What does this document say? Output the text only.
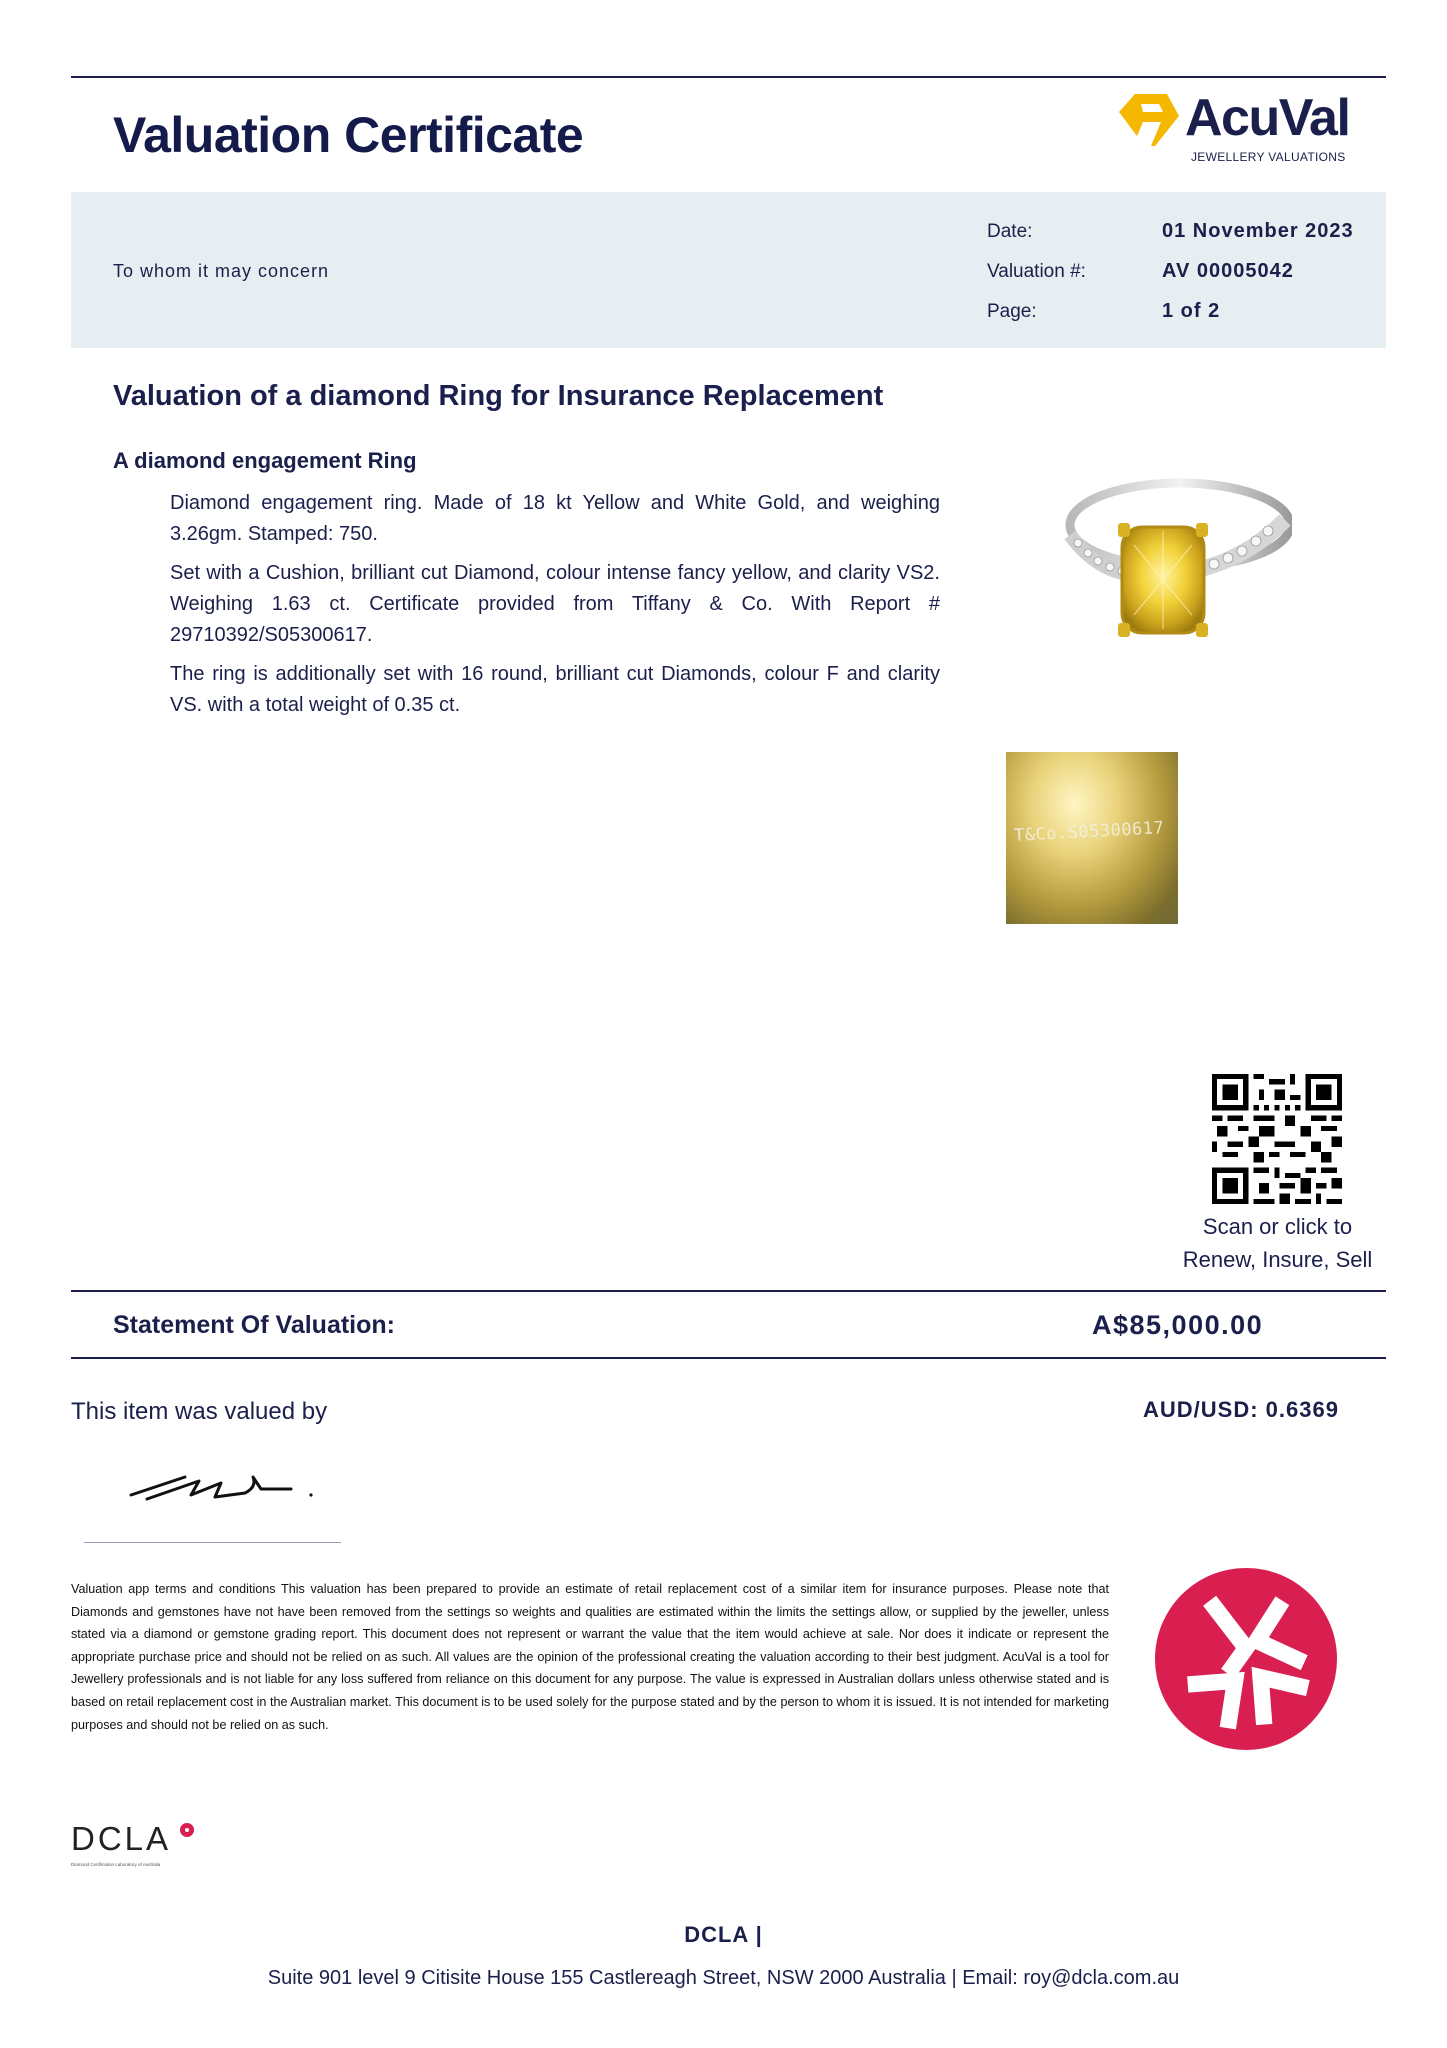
Valuation Certificate	AcuVal
JEWELLERY VALUATIONS
To whom it may concern
Date:	01 November 2023
Valuation #:	AV 00005042
Page:	1 of 2
Valuation of a diamond Ring for Insurance Replacement
A diamond engagement Ring
Diamond engagement ring. Made of 18 kt Yellow and White Gold, and weighing 3.26gm. Stamped: 750.
Set with a Cushion, brilliant cut Diamond, colour intense fancy yellow, and clarity VS2. Weighing 1.63 ct. Certificate provided from Tiffany & Co. With Report # 29710392/S05300617.
The ring is additionally set with 16 round, brilliant cut Diamonds, colour F and clarity VS. with a total weight of 0.35 ct.
T&Co.S05300617
Scan or click to
Renew, Insure, Sell
Statement Of Valuation:	A$85,000.00
This item was valued by	AUD/USD: 0.6369
Valuation app terms and conditions This valuation has been prepared to provide an estimate of retail replacement cost of a similar item for insurance purposes. Please note that Diamonds and gemstones have not have been removed from the settings so weights and qualities are estimated within the limits the settings allow, or supplied by the jeweller, unless stated via a diamond or gemstone grading report. This document does not represent or warrant the value that the item would achieve at sale. Nor does it indicate or represent the appropriate purchase price and should not be relied on as such. All values are the opinion of the professional creating the valuation according to their best judgment. AcuVal is a tool for Jewellery professionals and is not liable for any loss suffered from reliance on this document for any purpose. The value is expressed in Australian dollars unless otherwise stated and is based on retail replacement cost in the Australian market. This document is to be used solely for the purpose stated and by the person to whom it is issued. It is not intended for marketing purposes and should not be relied on as such.
DCLA
Diamond Certification Laboratory of Australia
DCLA |
Suite 901 level 9 Citisite House 155 Castlereagh Street, NSW 2000 Australia | Email: roy@dcla.com.au
